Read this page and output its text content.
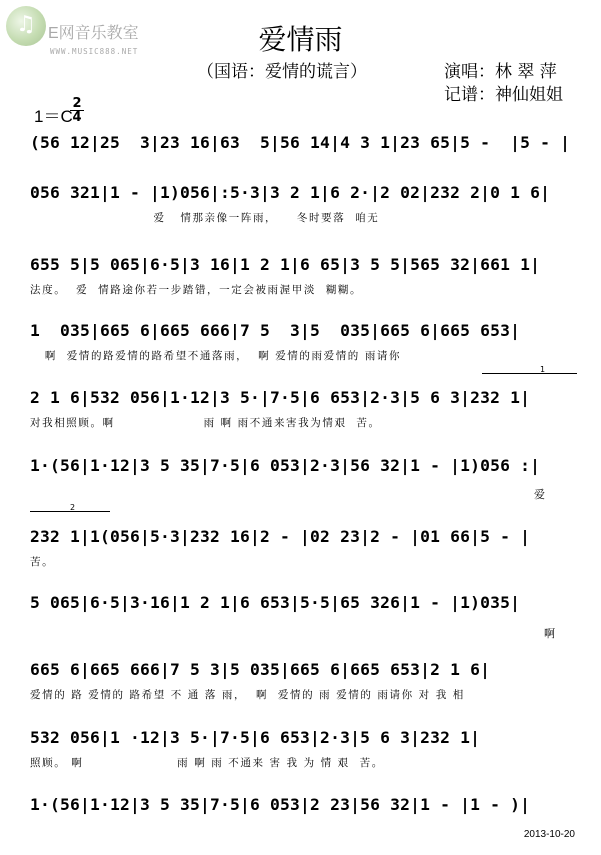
♫ E网音乐教室
WWW.MUSIC888.NET	爱情雨
（国语：爱情的谎言）	演唱：林 翠 萍
记谱：神仙姐姐
1＝C
2
4
(56 12|25  3|23 16|63  5|56 14|4 3 1|23 65|5 -  |5 - |
056 321|1 - |1)056|:5·3|3 2 1|6 2·|2 02|232 2|0 1 6|
爱   情那亲像一阵雨，    冬时要落  咱无
655 5|5 065|6·5|3 16|1 2 1|6 65|3 5 5|565 32|661 1|
法度。  爱  情路途你若一步踏错，一定会被雨渥甲淡  糊糊。
1  035|665 6|665 666|7 5  3|5  035|665 6|665 653|
啊  爱情的路爱情的路希望不通落雨，  啊 爱情的雨爱情的 雨请你
2 1 6|532 056|1·12|3 5·|7·5|6 653|2·3|5 6 3|232 1|
对我相照顾。啊                  雨 啊 雨不通来害我为情艰  苦。
1·(56|1·12|3 5 35|7·5|6 053|2·3|56 32|1 - |1)056 :|
爱
2
232 1|1(056|5·3|232 16|2 - |02 23|2 - |01 66|5 - |
苦。
5 065|6·5|3·16|1 2 1|6 653|5·5|65 326|1 - |1)035|
啊
1
665 6|665 666|7 5 3|5 035|665 6|665 653|2 1 6|
爱情的 路 爱情的 路希望 不 通 落 雨，  啊  爱情的 雨 爱情的 雨请你 对 我 相
532 056|1 ·12|3 5·|7·5|6 653|2·3|5 6 3|232 1|
照顾。 啊                   雨 啊 雨 不通来 害 我 为 情 艰  苦。
1·(56|1·12|3 5 35|7·5|6 053|2 23|56 32|1 - |1 - )|
2013-10-20
